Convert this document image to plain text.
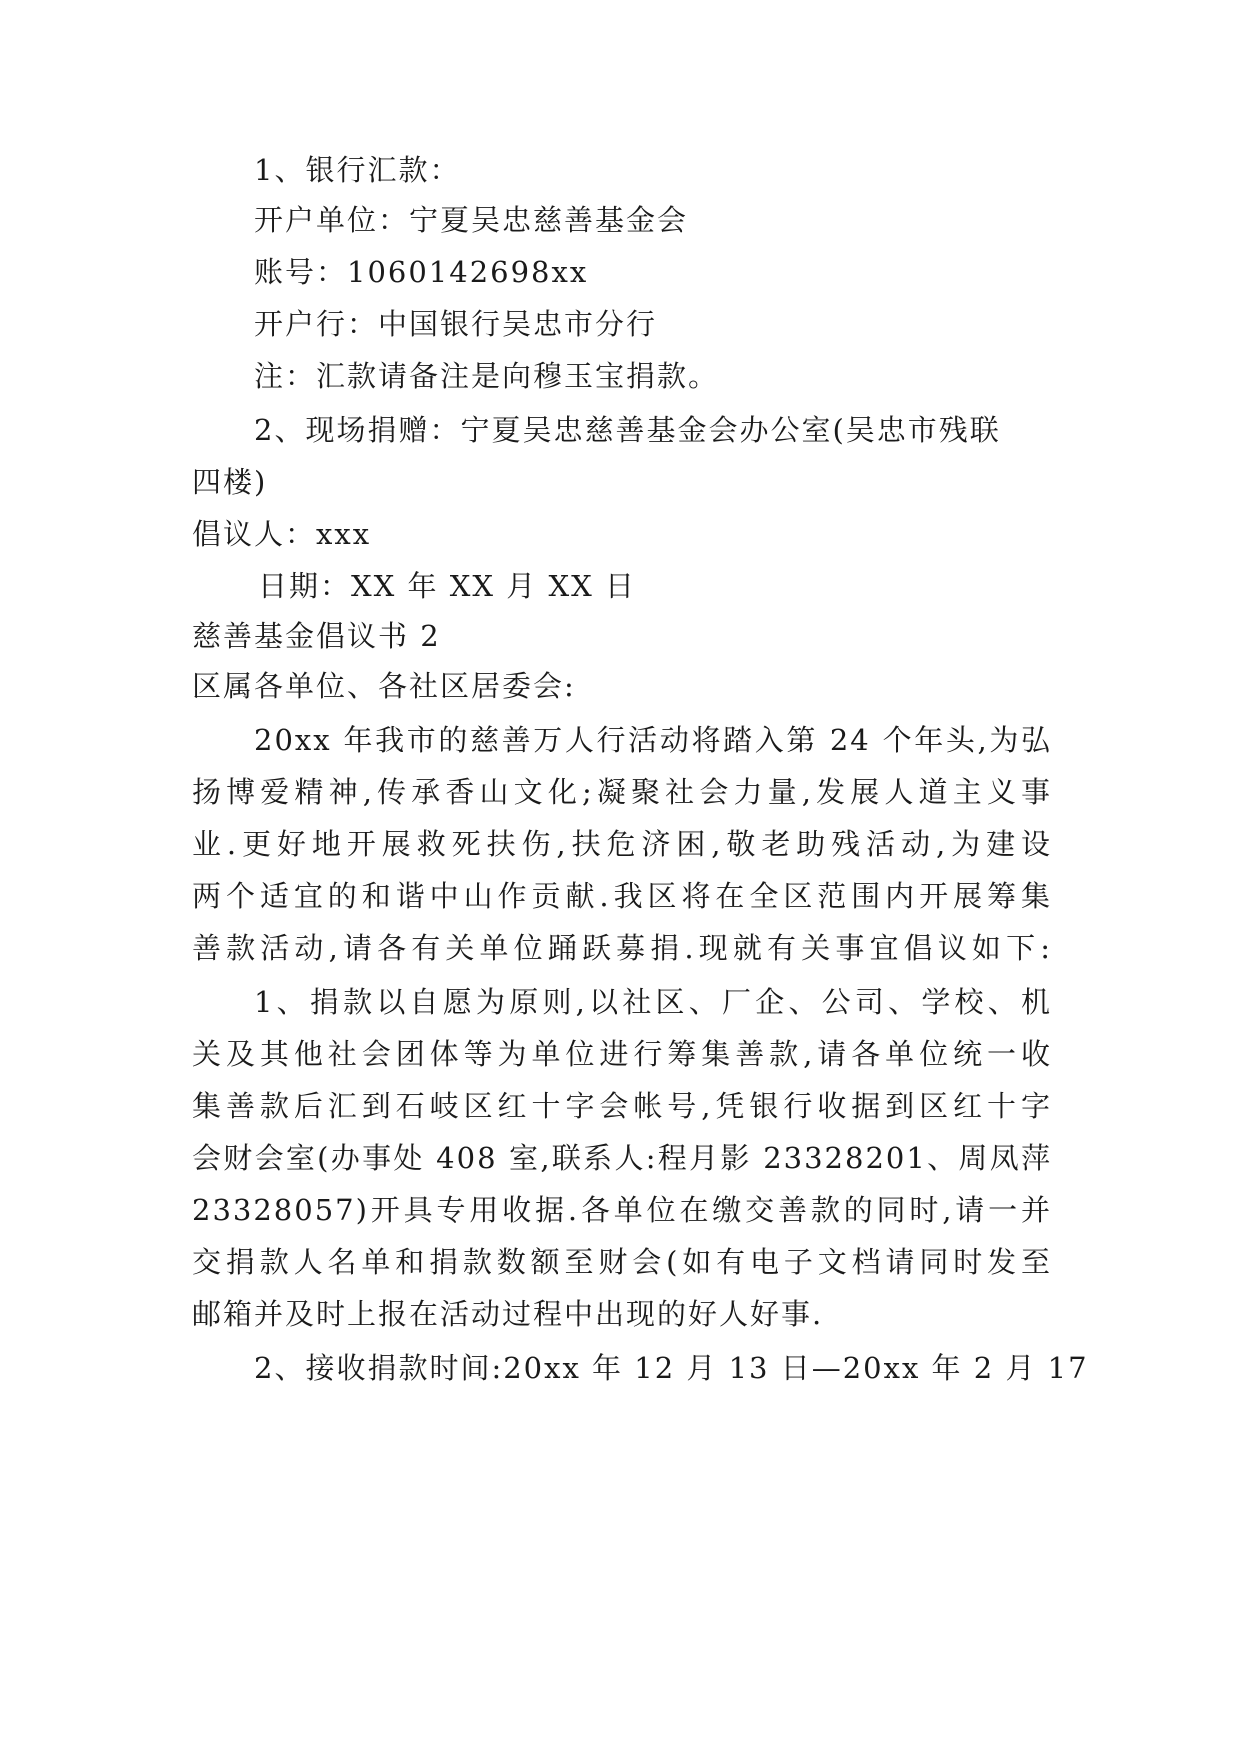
1、银行汇款：
开户单位：宁夏吴忠慈善基金会
账号：1060142698xx
开户行：中国银行吴忠市分行
注：汇款请备注是向穆玉宝捐款。
2、现场捐赠：宁夏吴忠慈善基金会办公室(吴忠市残联
四楼)
倡议人：xxx
日期：XX 年 XX 月 XX 日
慈善基金倡议书 2
区属各单位、各社区居委会:
20xx 年我市的慈善万人行活动将踏入第 24 个年头,为弘
扬博爱精神,传承香山文化;凝聚社会力量,发展人道主义事
业.更好地开展救死扶伤,扶危济困,敬老助残活动,为建设
两个适宜的和谐中山作贡献.我区将在全区范围内开展筹集
善款活动,请各有关单位踊跃募捐.现就有关事宜倡议如下:
1、捐款以自愿为原则,以社区、厂企、公司、学校、机
关及其他社会团体等为单位进行筹集善款,请各单位统一收
集善款后汇到石岐区红十字会帐号,凭银行收据到区红十字
会财会室(办事处 408 室,联系人:程月影 23328201、周凤萍
23328057)开具专用收据.各单位在缴交善款的同时,请一并
交捐款人名单和捐款数额至财会(如有电子文档请同时发至
邮箱并及时上报在活动过程中出现的好人好事.
2、接收捐款时间:20xx 年 12 月 13 日—20xx 年 2 月 17
